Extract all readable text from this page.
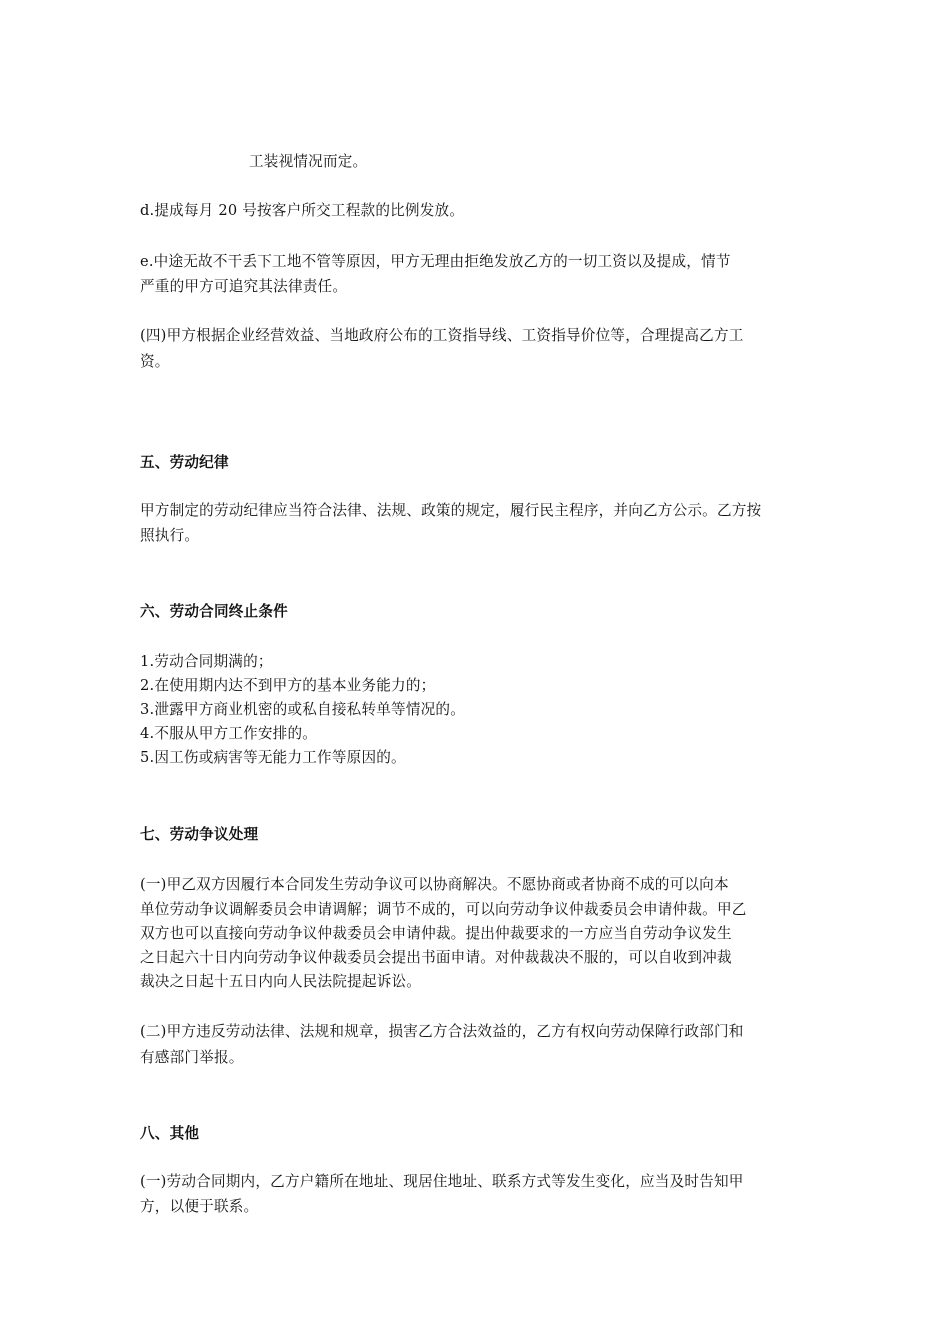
工装视情况而定。
d.提成每月 20 号按客户所交工程款的比例发放。
e.中途无故不干丢下工地不管等原因，甲方无理由拒绝发放乙方的一切工资以及提成，情节
严重的甲方可追究其法律责任。
(四)甲方根据企业经营效益、当地政府公布的工资指导线、工资指导价位等，合理提高乙方工
资。
五、劳动纪律
甲方制定的劳动纪律应当符合法律、法规、政策的规定，履行民主程序，并向乙方公示。乙方按
照执行。
六、劳动合同终止条件
1.劳动合同期满的；
2.在使用期内达不到甲方的基本业务能力的；
3.泄露甲方商业机密的或私自接私转单等情况的。
4.不服从甲方工作安排的。
5.因工伤或病害等无能力工作等原因的。
七、劳动争议处理
(一)甲乙双方因履行本合同发生劳动争议可以协商解决。不愿协商或者协商不成的可以向本
单位劳动争议调解委员会申请调解；调节不成的，可以向劳动争议仲裁委员会申请仲裁。甲乙
双方也可以直接向劳动争议仲裁委员会申请仲裁。提出仲裁要求的一方应当自劳动争议发生
之日起六十日内向劳动争议仲裁委员会提出书面申请。对仲裁裁决不服的，可以自收到冲裁
裁决之日起十五日内向人民法院提起诉讼。
(二)甲方违反劳动法律、法规和规章，损害乙方合法效益的，乙方有权向劳动保障行政部门和
有感部门举报。
八、其他
(一)劳动合同期内，乙方户籍所在地址、现居住地址、联系方式等发生变化，应当及时告知甲
方，以便于联系。
